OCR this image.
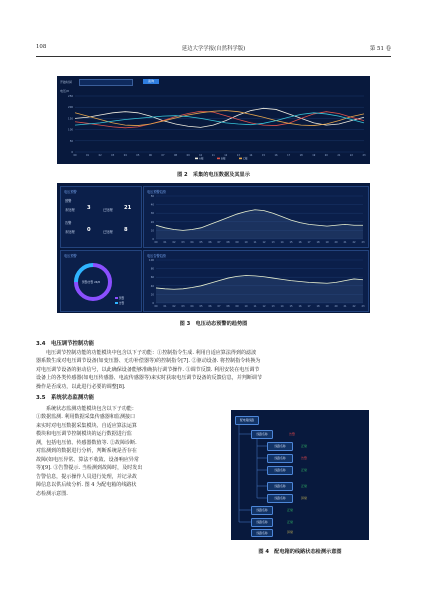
108	延边大学学报(自然科学版)	第 51 卷
开始时间	查询
电压/V
0
50
100
150
200
250
00	01	02	03	04	05	06	07	08	09	10	11	12	13	14	15	16	17	18	19	20	21	22	23
A相	B相	C相
图 2　采集的电压数据及其显示
电压预警
预警
未处理 3	已处理 21
告警
未处理 0	已处理 8
电压预警趋势
0
10
20
30
40
50
00 01 02 03 04 05 06 07 08 09 10 11 12 13 14 15 16 17 18 19 20 21 22 23
电压预警
预警/告警 24/8
预警
告警
电压告警趋势
0
20
40
60
80
100
00 01 02 03 04 05 06 07 08 09 10 11 12 13 14 15 16 17 18 19 20 21 22 23
图 3　电压动态预警的趋势图
3.4　电压调节控制功能
电压调节控制功能的功能模块中包含以下子功能：①控制指令生成. 利用自适应算法得到的滤波
器系数生成对电压调节设备(如变压器、无功补偿器等)的控制指令[7]. ②驱动设备. 将控制指令转换为
对电压调节设备的驱动信号，以此确保设备能够准确执行调节操作. ③调节反馈. 利用安装在电压调节
设备上的各类传感器(如电压传感器、电流传感器等)来实时获取电压调节设备的反馈信息，并判断调节
操作是否成功，以此进行必要的调整[8].
3.5　系统状态监测功能
系统状态监测功能模块包含以下子功能：
①数据监测. 利用数据采集传感器和监测接口
来实时对电压数据采集模块、自适应算法运算
模块和电压调节控制模块的运行数据进行监
测，包括电压值、传感器数值等. ②故障诊断.
对监测到的数据进行分析，判断系统是否存在
故障(如电压异常、算法不收敛、设备响应异常
等)[9]. ③告警提示. 当检测到故障时，及时发出
告警信息，提示操作人员进行处理，并记录故
障信息以供后续分析. 图 4 为配电箱的线路状
态检测示意图.
配电箱线路
线路名称	告警
线路名称	正常
线路名称	告警
线路名称	正常
线路名称	正常
线路名称	异常
线路名称	正常
线路名称	正常
线路名称	异常
图 4　配电箱的线路状态检测示意图
